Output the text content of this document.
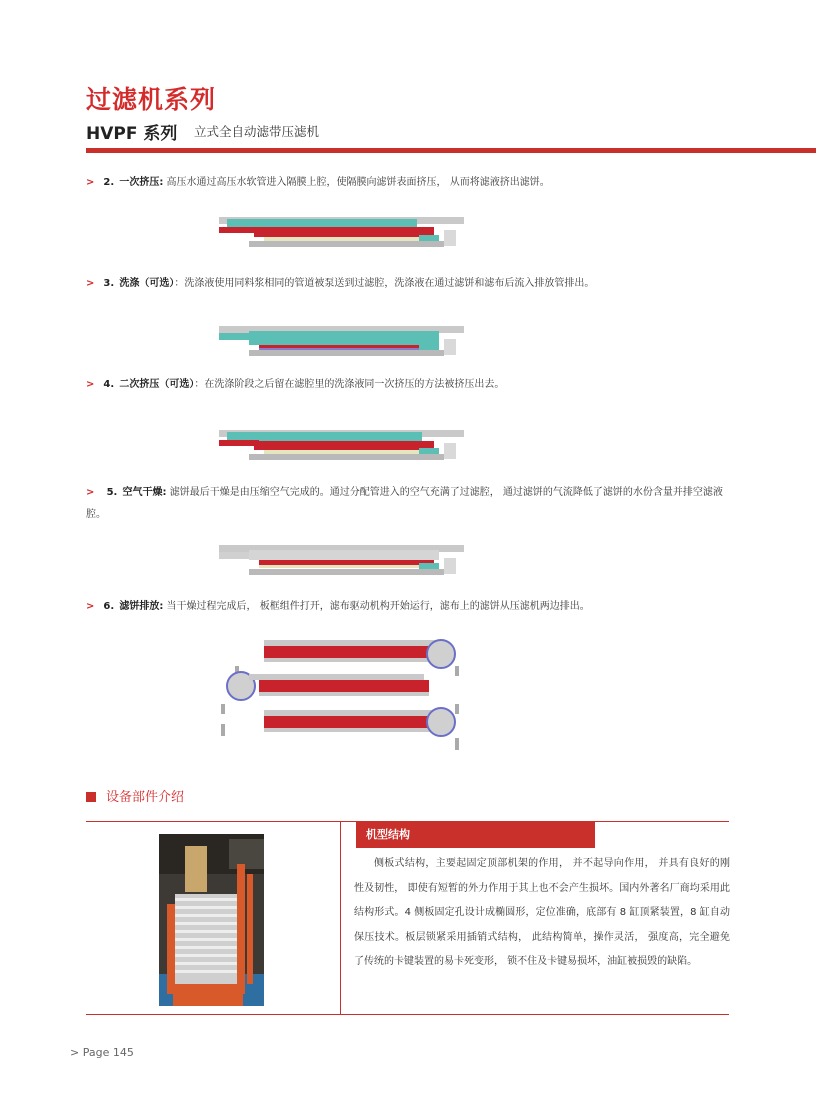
过滤机系列
HVPF 系列 立式全自动滤带压滤机
> 2. 一次挤压: 高压水通过高压水软管进入隔膜上腔，使隔膜向滤饼表面挤压， 从而将滤液挤出滤饼。
> 3. 洗涤（可选）：洗涤液使用同料浆相同的管道被泵送到过滤腔，洗涤液在通过滤饼和滤布后流入排放管排出。
> 4. 二次挤压（可选）：在洗涤阶段之后留在滤腔里的洗涤液同一次挤压的方法被挤压出去。
> 5. 空气干燥: 滤饼最后干燥是由压缩空气完成的。通过分配管进入的空气充满了过滤腔， 通过滤饼的气流降低了滤饼的水份含量并排空滤液腔。
> 6. 滤饼排放: 当干燥过程完成后， 板框组件打开，滤布驱动机构开始运行，滤布上的滤饼从压滤机两边排出。
设备部件介绍
机型结构
侧板式结构，主要起固定顶部机架的作用， 并不起导向作用， 并具有良好的刚性及韧性， 即使有短暂的外力作用于其上也不会产生损坏。国内外著名厂商均采用此结构形式。4 侧板固定孔设计成椭圆形，定位准确，底部有 8 缸顶紧装置，8 缸自动保压技术。板层锁紧采用插销式结构， 此结构简单，操作灵活， 强度高，完全避免了传统的卡键装置的易卡死变形， 锁不住及卡键易损坏，油缸被损毁的缺陷。
> Page 145
